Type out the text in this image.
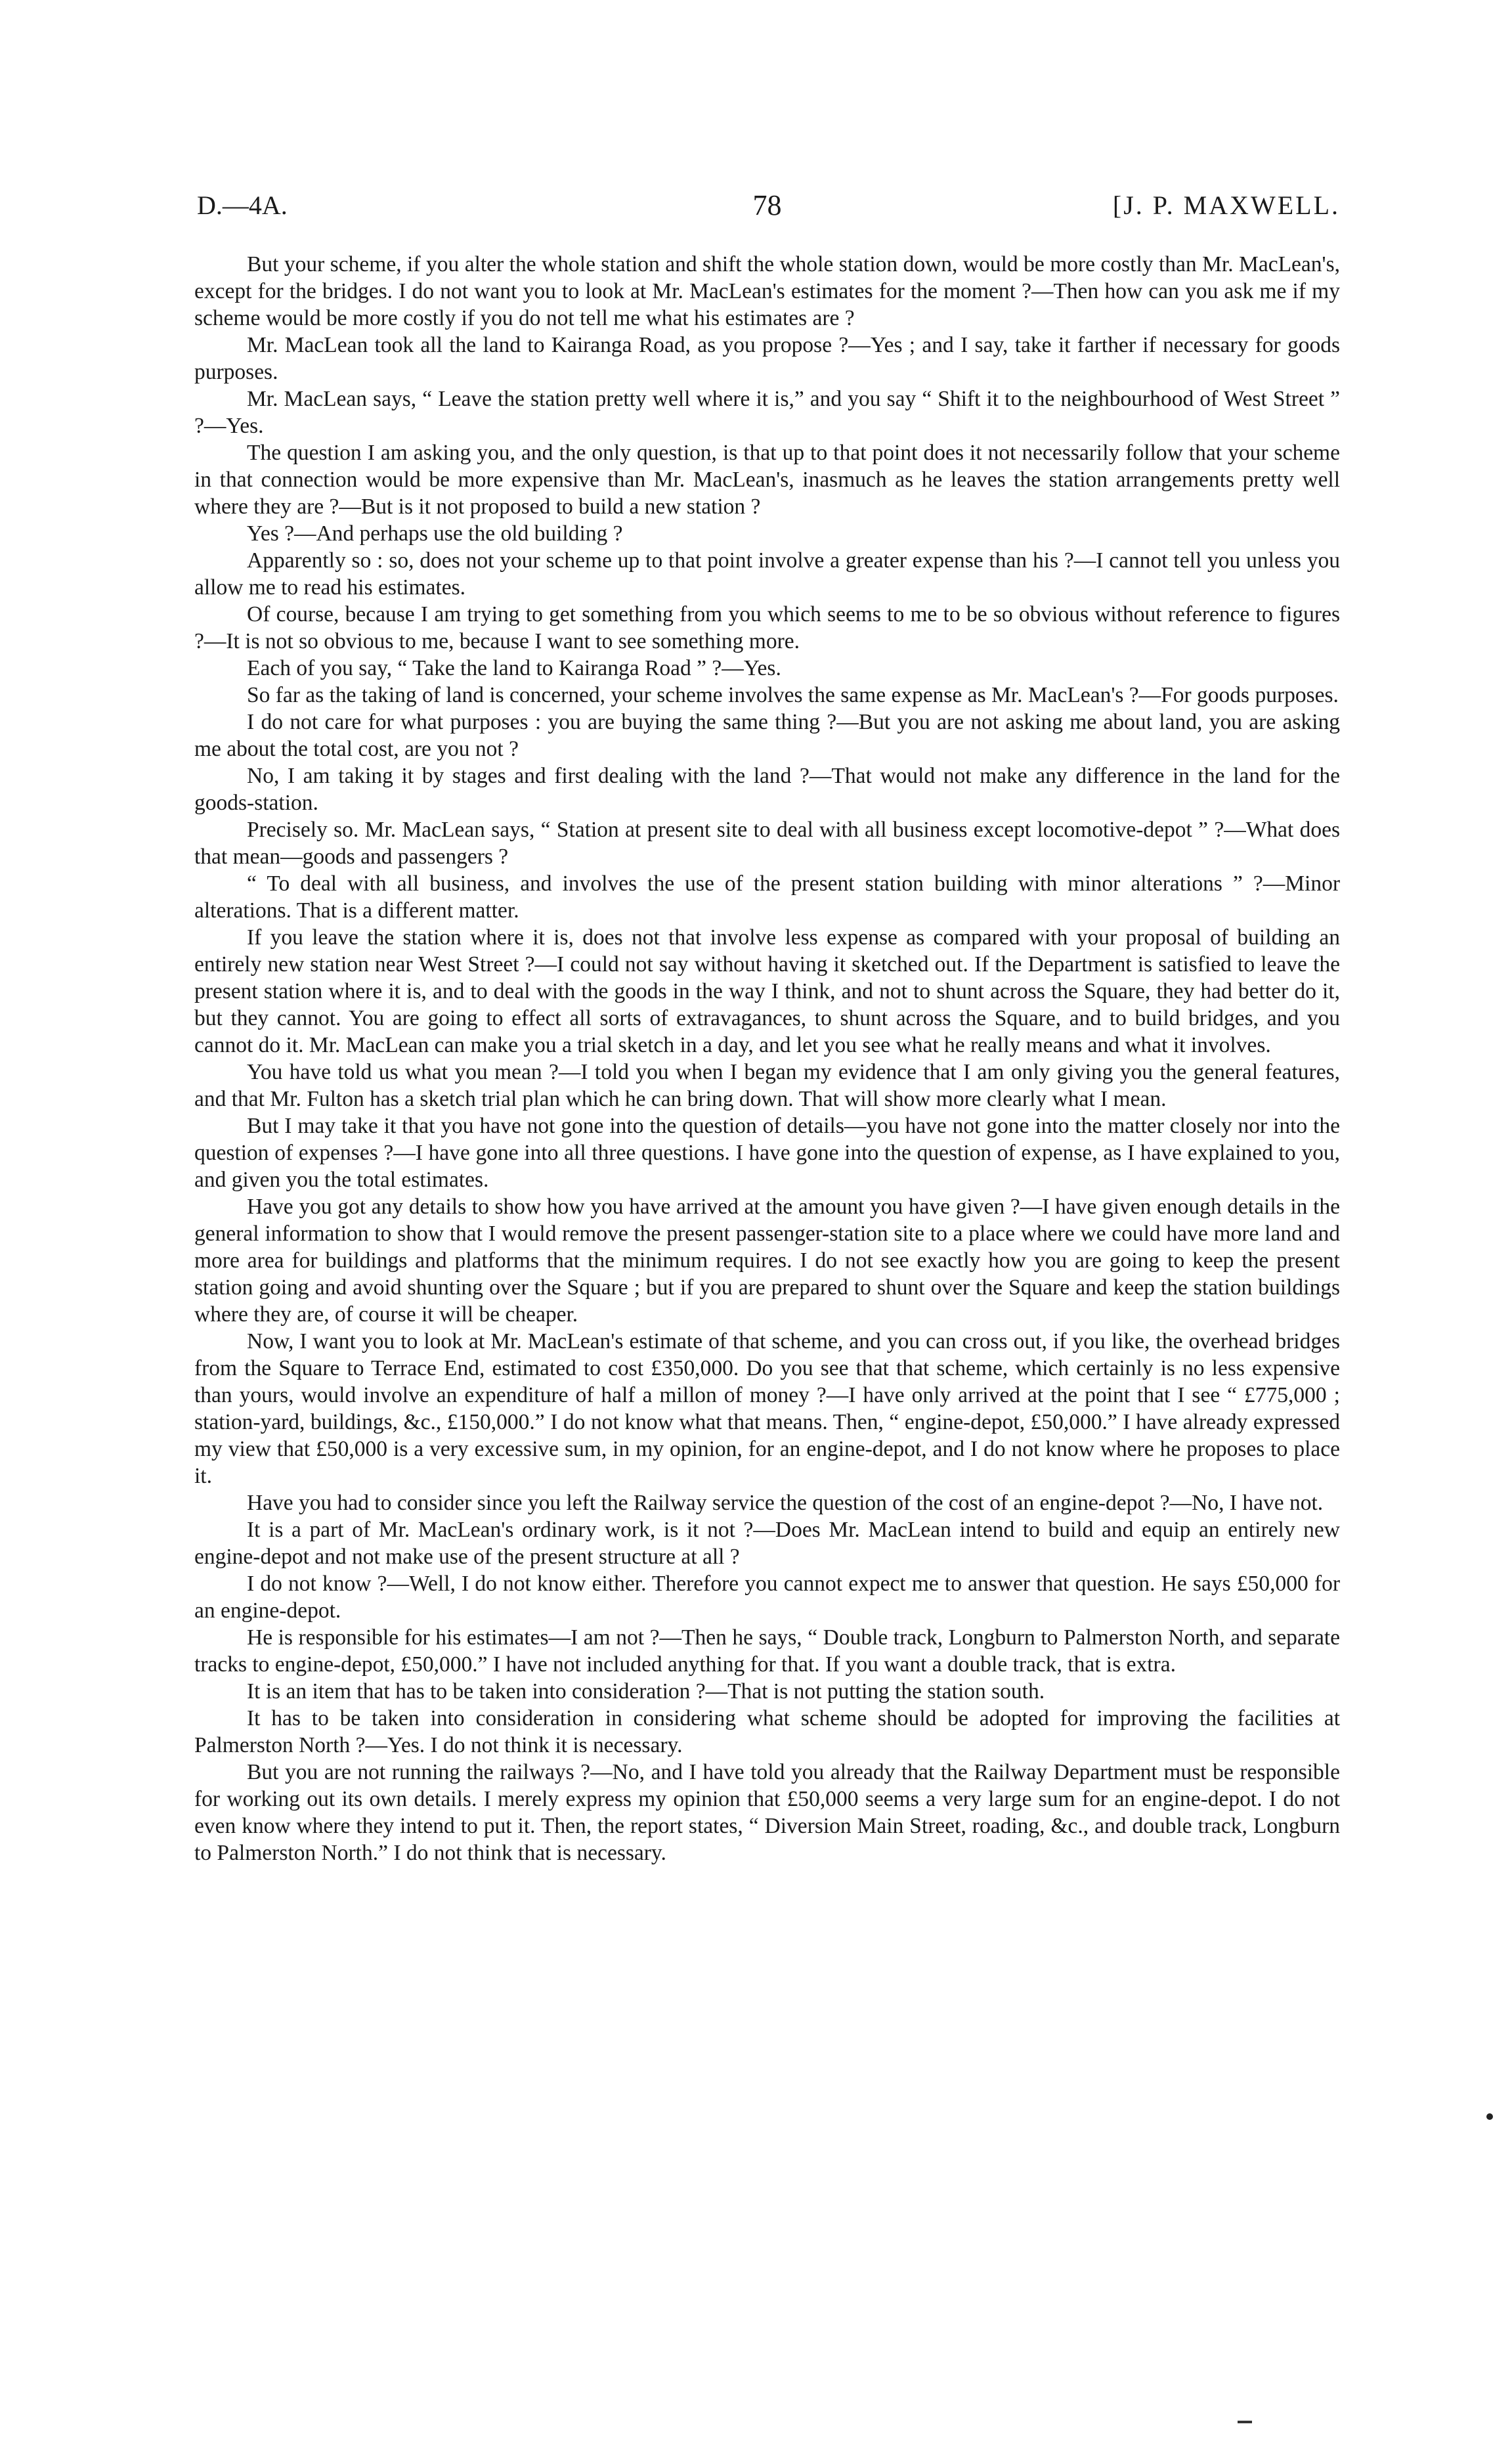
D.—4A.	78	[J. P. MAXWELL.

But your scheme, if you alter the whole station and shift the whole station down, would be more costly than Mr. MacLean's, except for the bridges. I do not want you to look at Mr. MacLean's estimates for the moment ?—Then how can you ask me if my scheme would be more costly if you do not tell me what his estimates are ?

Mr. MacLean took all the land to Kairanga Road, as you propose ?—Yes ; and I say, take it farther if necessary for goods purposes.

Mr. MacLean says, “ Leave the station pretty well where it is,” and you say “ Shift it to the neighbourhood of West Street ” ?—Yes.

The question I am asking you, and the only question, is that up to that point does it not necessarily follow that your scheme in that connection would be more expensive than Mr. MacLean's, inasmuch as he leaves the station arrangements pretty well where they are ?—But is it not proposed to build a new station ?

Yes ?—And perhaps use the old building ?

Apparently so : so, does not your scheme up to that point involve a greater expense than his ?—I cannot tell you unless you allow me to read his estimates.

Of course, because I am trying to get something from you which seems to me to be so obvious without reference to figures ?—It is not so obvious to me, because I want to see something more.

Each of you say, “ Take the land to Kairanga Road ” ?—Yes.

So far as the taking of land is concerned, your scheme involves the same expense as Mr. MacLean's ?—For goods purposes.

I do not care for what purposes : you are buying the same thing ?—But you are not asking me about land, you are asking me about the total cost, are you not ?

No, I am taking it by stages and first dealing with the land ?—That would not make any difference in the land for the goods-station.

Precisely so. Mr. MacLean says, “ Station at present site to deal with all business except locomotive-depot ” ?—What does that mean—goods and passengers ?

“ To deal with all business, and involves the use of the present station building with minor alterations ” ?—Minor alterations. That is a different matter.

If you leave the station where it is, does not that involve less expense as compared with your proposal of building an entirely new station near West Street ?—I could not say without having it sketched out. If the Department is satisfied to leave the present station where it is, and to deal with the goods in the way I think, and not to shunt across the Square, they had better do it, but they cannot. You are going to effect all sorts of extravagances, to shunt across the Square, and to build bridges, and you cannot do it. Mr. MacLean can make you a trial sketch in a day, and let you see what he really means and what it involves.

You have told us what you mean ?—I told you when I began my evidence that I am only giving you the general features, and that Mr. Fulton has a sketch trial plan which he can bring down. That will show more clearly what I mean.

But I may take it that you have not gone into the question of details—you have not gone into the matter closely nor into the question of expenses ?—I have gone into all three questions. I have gone into the question of expense, as I have explained to you, and given you the total estimates.

Have you got any details to show how you have arrived at the amount you have given ?—I have given enough details in the general information to show that I would remove the present passenger-station site to a place where we could have more land and more area for buildings and platforms that the minimum requires. I do not see exactly how you are going to keep the present station going and avoid shunting over the Square ; but if you are prepared to shunt over the Square and keep the station buildings where they are, of course it will be cheaper.

Now, I want you to look at Mr. MacLean's estimate of that scheme, and you can cross out, if you like, the overhead bridges from the Square to Terrace End, estimated to cost £350,000. Do you see that that scheme, which certainly is no less expensive than yours, would involve an expenditure of half a millon of money ?—I have only arrived at the point that I see “ £775,000 ; station-yard, buildings, &c., £150,000.” I do not know what that means. Then, “ engine-depot, £50,000.” I have already expressed my view that £50,000 is a very excessive sum, in my opinion, for an engine-depot, and I do not know where he proposes to place it.

Have you had to consider since you left the Railway service the question of the cost of an engine-depot ?—No, I have not.

It is a part of Mr. MacLean's ordinary work, is it not ?—Does Mr. MacLean intend to build and equip an entirely new engine-depot and not make use of the present structure at all ?

I do not know ?—Well, I do not know either. Therefore you cannot expect me to answer that question. He says £50,000 for an engine-depot.

He is responsible for his estimates—I am not ?—Then he says, “ Double track, Longburn to Palmerston North, and separate tracks to engine-depot, £50,000.” I have not included anything for that. If you want a double track, that is extra.

It is an item that has to be taken into consideration ?—That is not putting the station south.

It has to be taken into consideration in considering what scheme should be adopted for improving the facilities at Palmerston North ?—Yes. I do not think it is necessary.

But you are not running the railways ?—No, and I have told you already that the Railway Department must be responsible for working out its own details. I merely express my opinion that £50,000 seems a very large sum for an engine-depot. I do not even know where they intend to put it. Then, the report states, “ Diversion Main Street, roading, &c., and double track, Longburn to Palmerston North.” I do not think that is necessary.
